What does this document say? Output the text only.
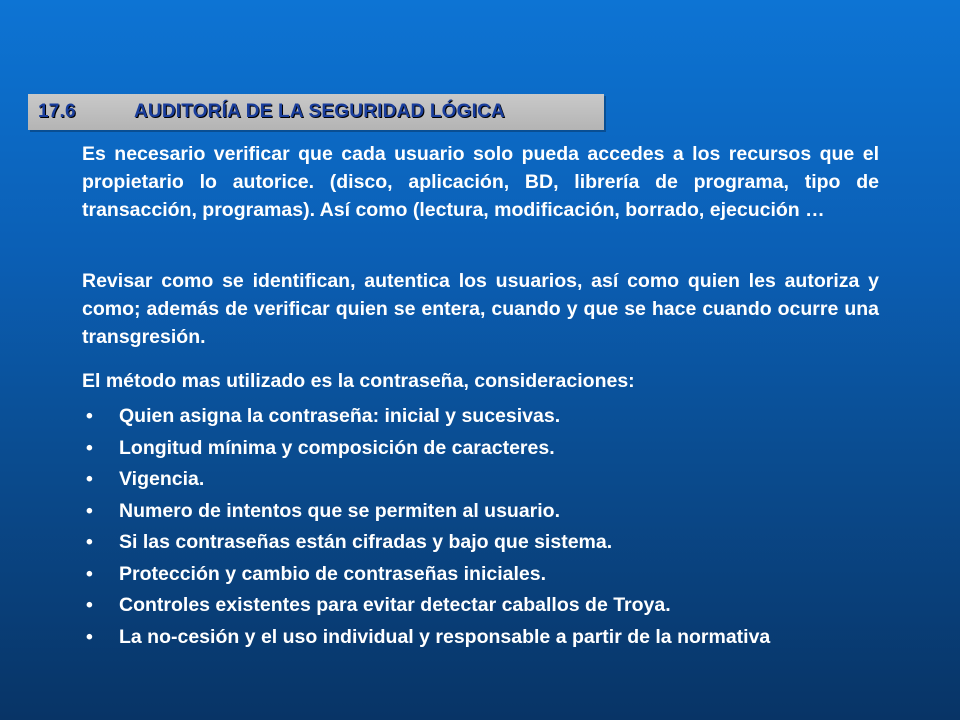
17.6	AUDITORÍA DE LA SEGURIDAD LÓGICA
Es necesario verificar que cada usuario solo pueda accedes a los recursos que el propietario lo autorice. (disco, aplicación, BD, librería de programa, tipo de transacción, programas). Así como (lectura, modificación, borrado, ejecución …
Revisar como se identifican, autentica los usuarios, así como quien les autoriza y como; además de verificar quien se entera, cuando y que se hace cuando ocurre una transgresión.
El método mas utilizado es la contraseña, consideraciones:
• Quien asigna la contraseña: inicial y sucesivas.
• Longitud mínima y composición de caracteres.
• Vigencia.
• Numero de intentos que se permiten al usuario.
• Si las contraseñas están cifradas y bajo que sistema.
• Protección y cambio de contraseñas iniciales.
• Controles existentes para evitar detectar caballos de Troya.
• La no-cesión y el uso individual y responsable a partir de la normativa
